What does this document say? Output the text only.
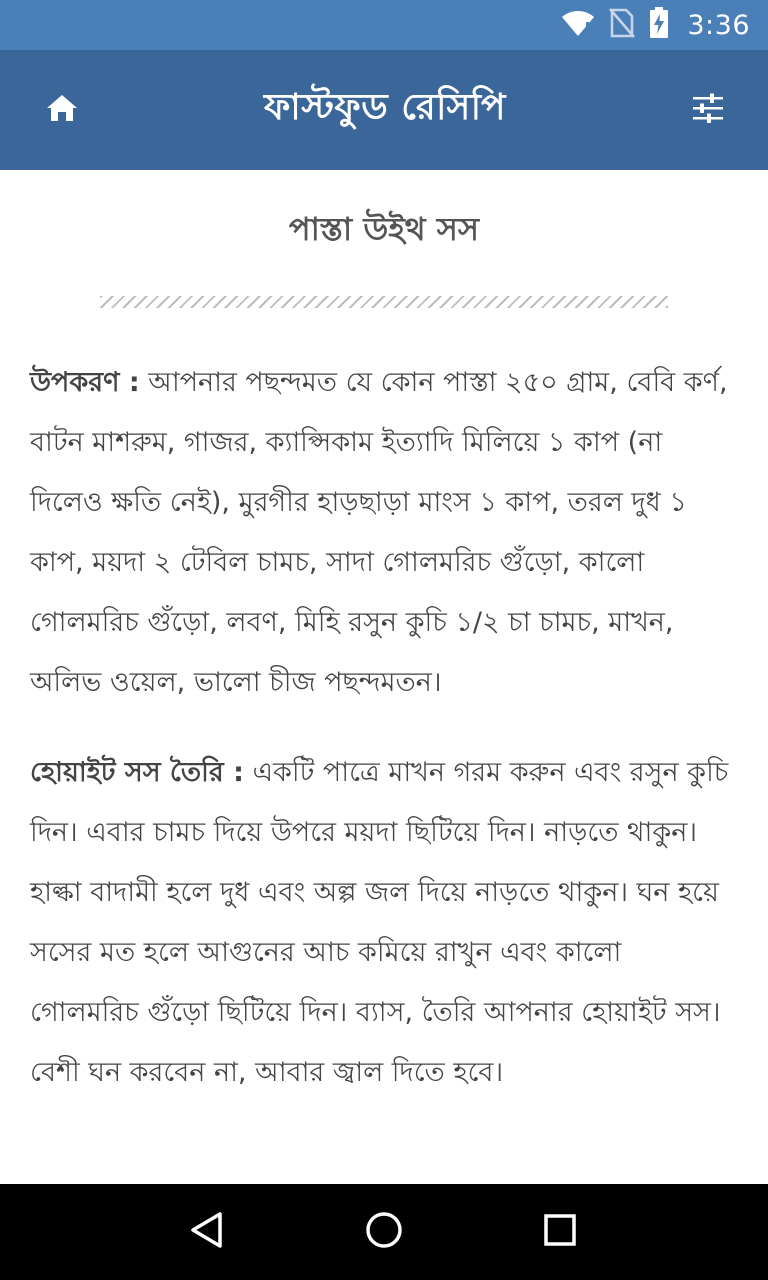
3:36
ফাস্টফুড রেসিপি
পাস্তা উইথ সস

উপকরণ : আপনার পছন্দমত যে কোন পাস্তা ২৫০ গ্রাম, বেবি কর্ণ, বাটন মাশরুম, গাজর, ক্যাপ্সিকাম ইত্যাদি মিলিয়ে ১ কাপ (না দিলেও ক্ষতি নেই), মুরগীর হাড়ছাড়া মাংস ১ কাপ, তরল দুধ ১ কাপ, ময়দা ২ টেবিল চামচ, সাদা গোলমরিচ গুঁড়ো, কালো গোলমরিচ গুঁড়ো, লবণ, মিহি রসুন কুচি ১/২ চা চামচ, মাখন, অলিভ ওয়েল, ভালো চীজ পছন্দমতন।

হোয়াইট সস তৈরি : একটি পাত্রে মাখন গরম করুন এবং রসুন কুচি দিন। এবার চামচ দিয়ে উপরে ময়দা ছিটিয়ে দিন। নাড়তে থাকুন। হাল্কা বাদামী হলে দুধ এবং অল্প জল দিয়ে নাড়তে থাকুন। ঘন হয়ে সসের মত হলে আগুনের আচ কমিয়ে রাখুন এবং কালো গোলমরিচ গুঁড়ো ছিটিয়ে দিন। ব্যাস, তৈরি আপনার হোয়াইট সস। বেশী ঘন করবেন না, আবার জ্বাল দিতে হবে।
